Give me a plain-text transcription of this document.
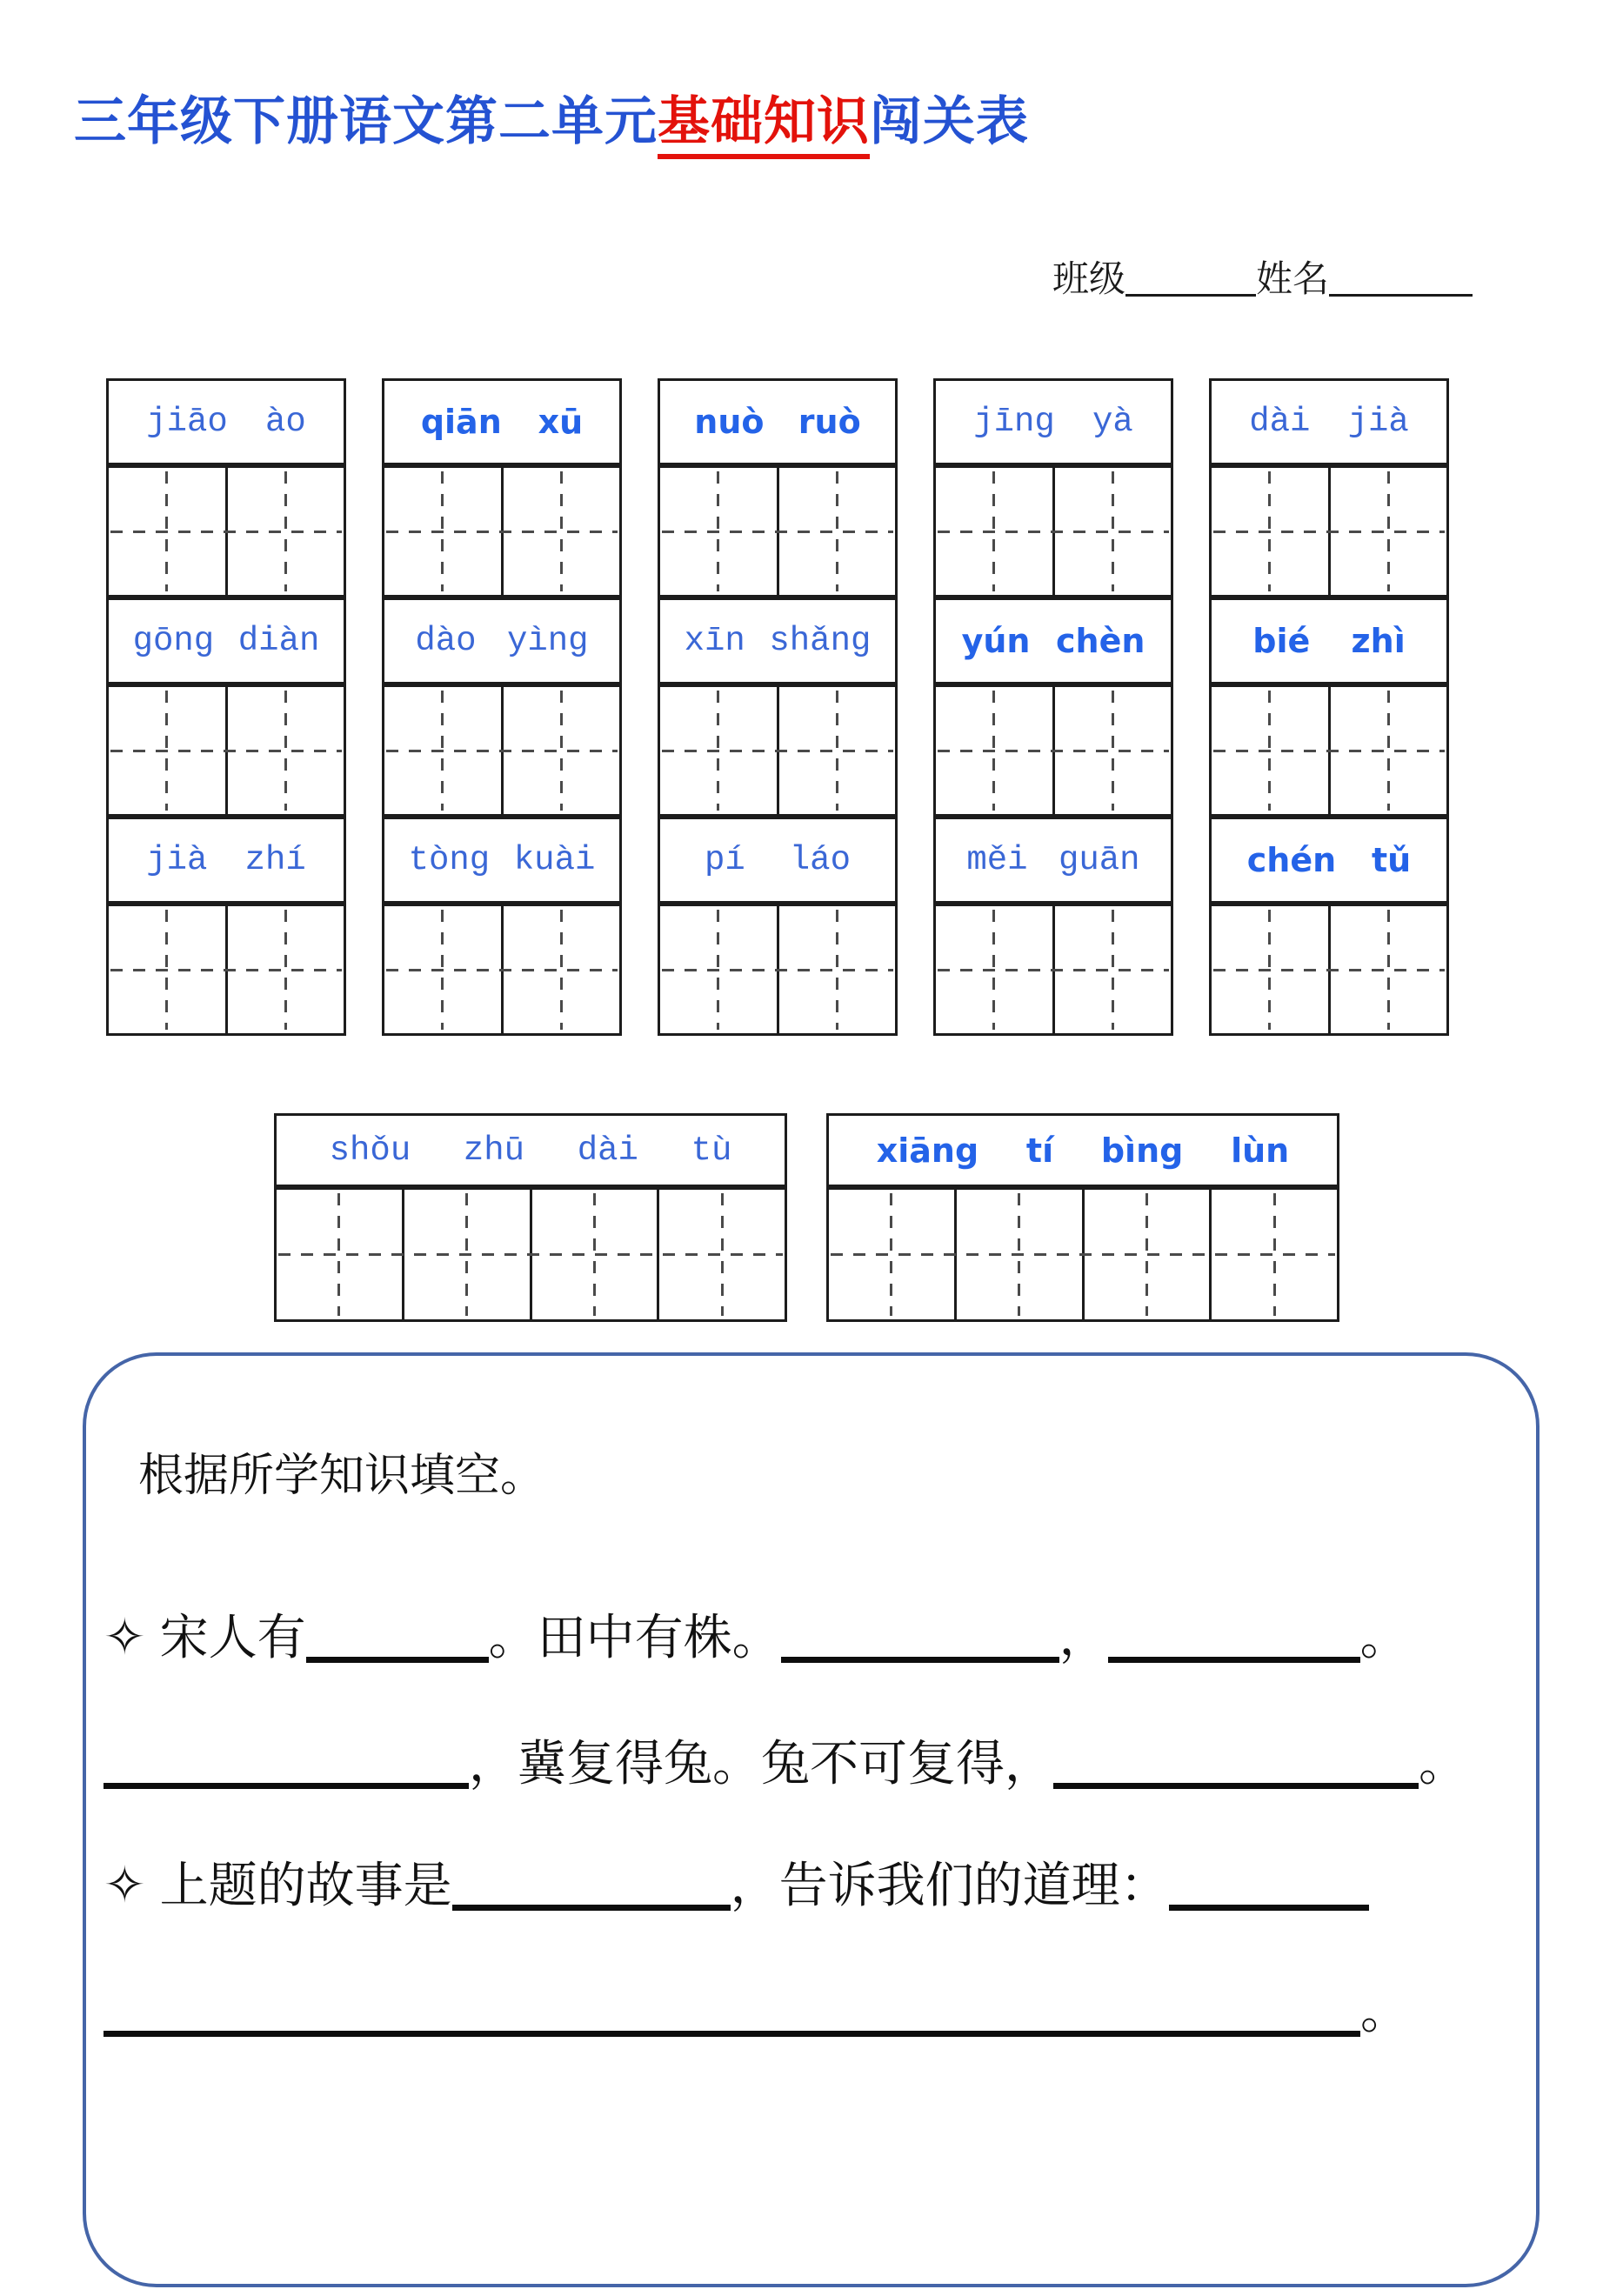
三年级下册语文第二单元基础知识闯关表
班级	姓名
jiāo ào	qiān xū	nuò ruò	jīng yà	dài jià
gōng diàn	dào yìng	xīn shǎng	yún chèn	bié zhì
jià zhí	tòng kuài	pí láo	měi guān	chén tǔ
shǒu zhū dài tù	xiāng tí bìng lùn
根据所学知识填空。
✧ 宋人有	。田中有株。	，	。
，冀复得兔。兔不可复得，	。
✧ 上题的故事是	，告诉我们的道理：
。
